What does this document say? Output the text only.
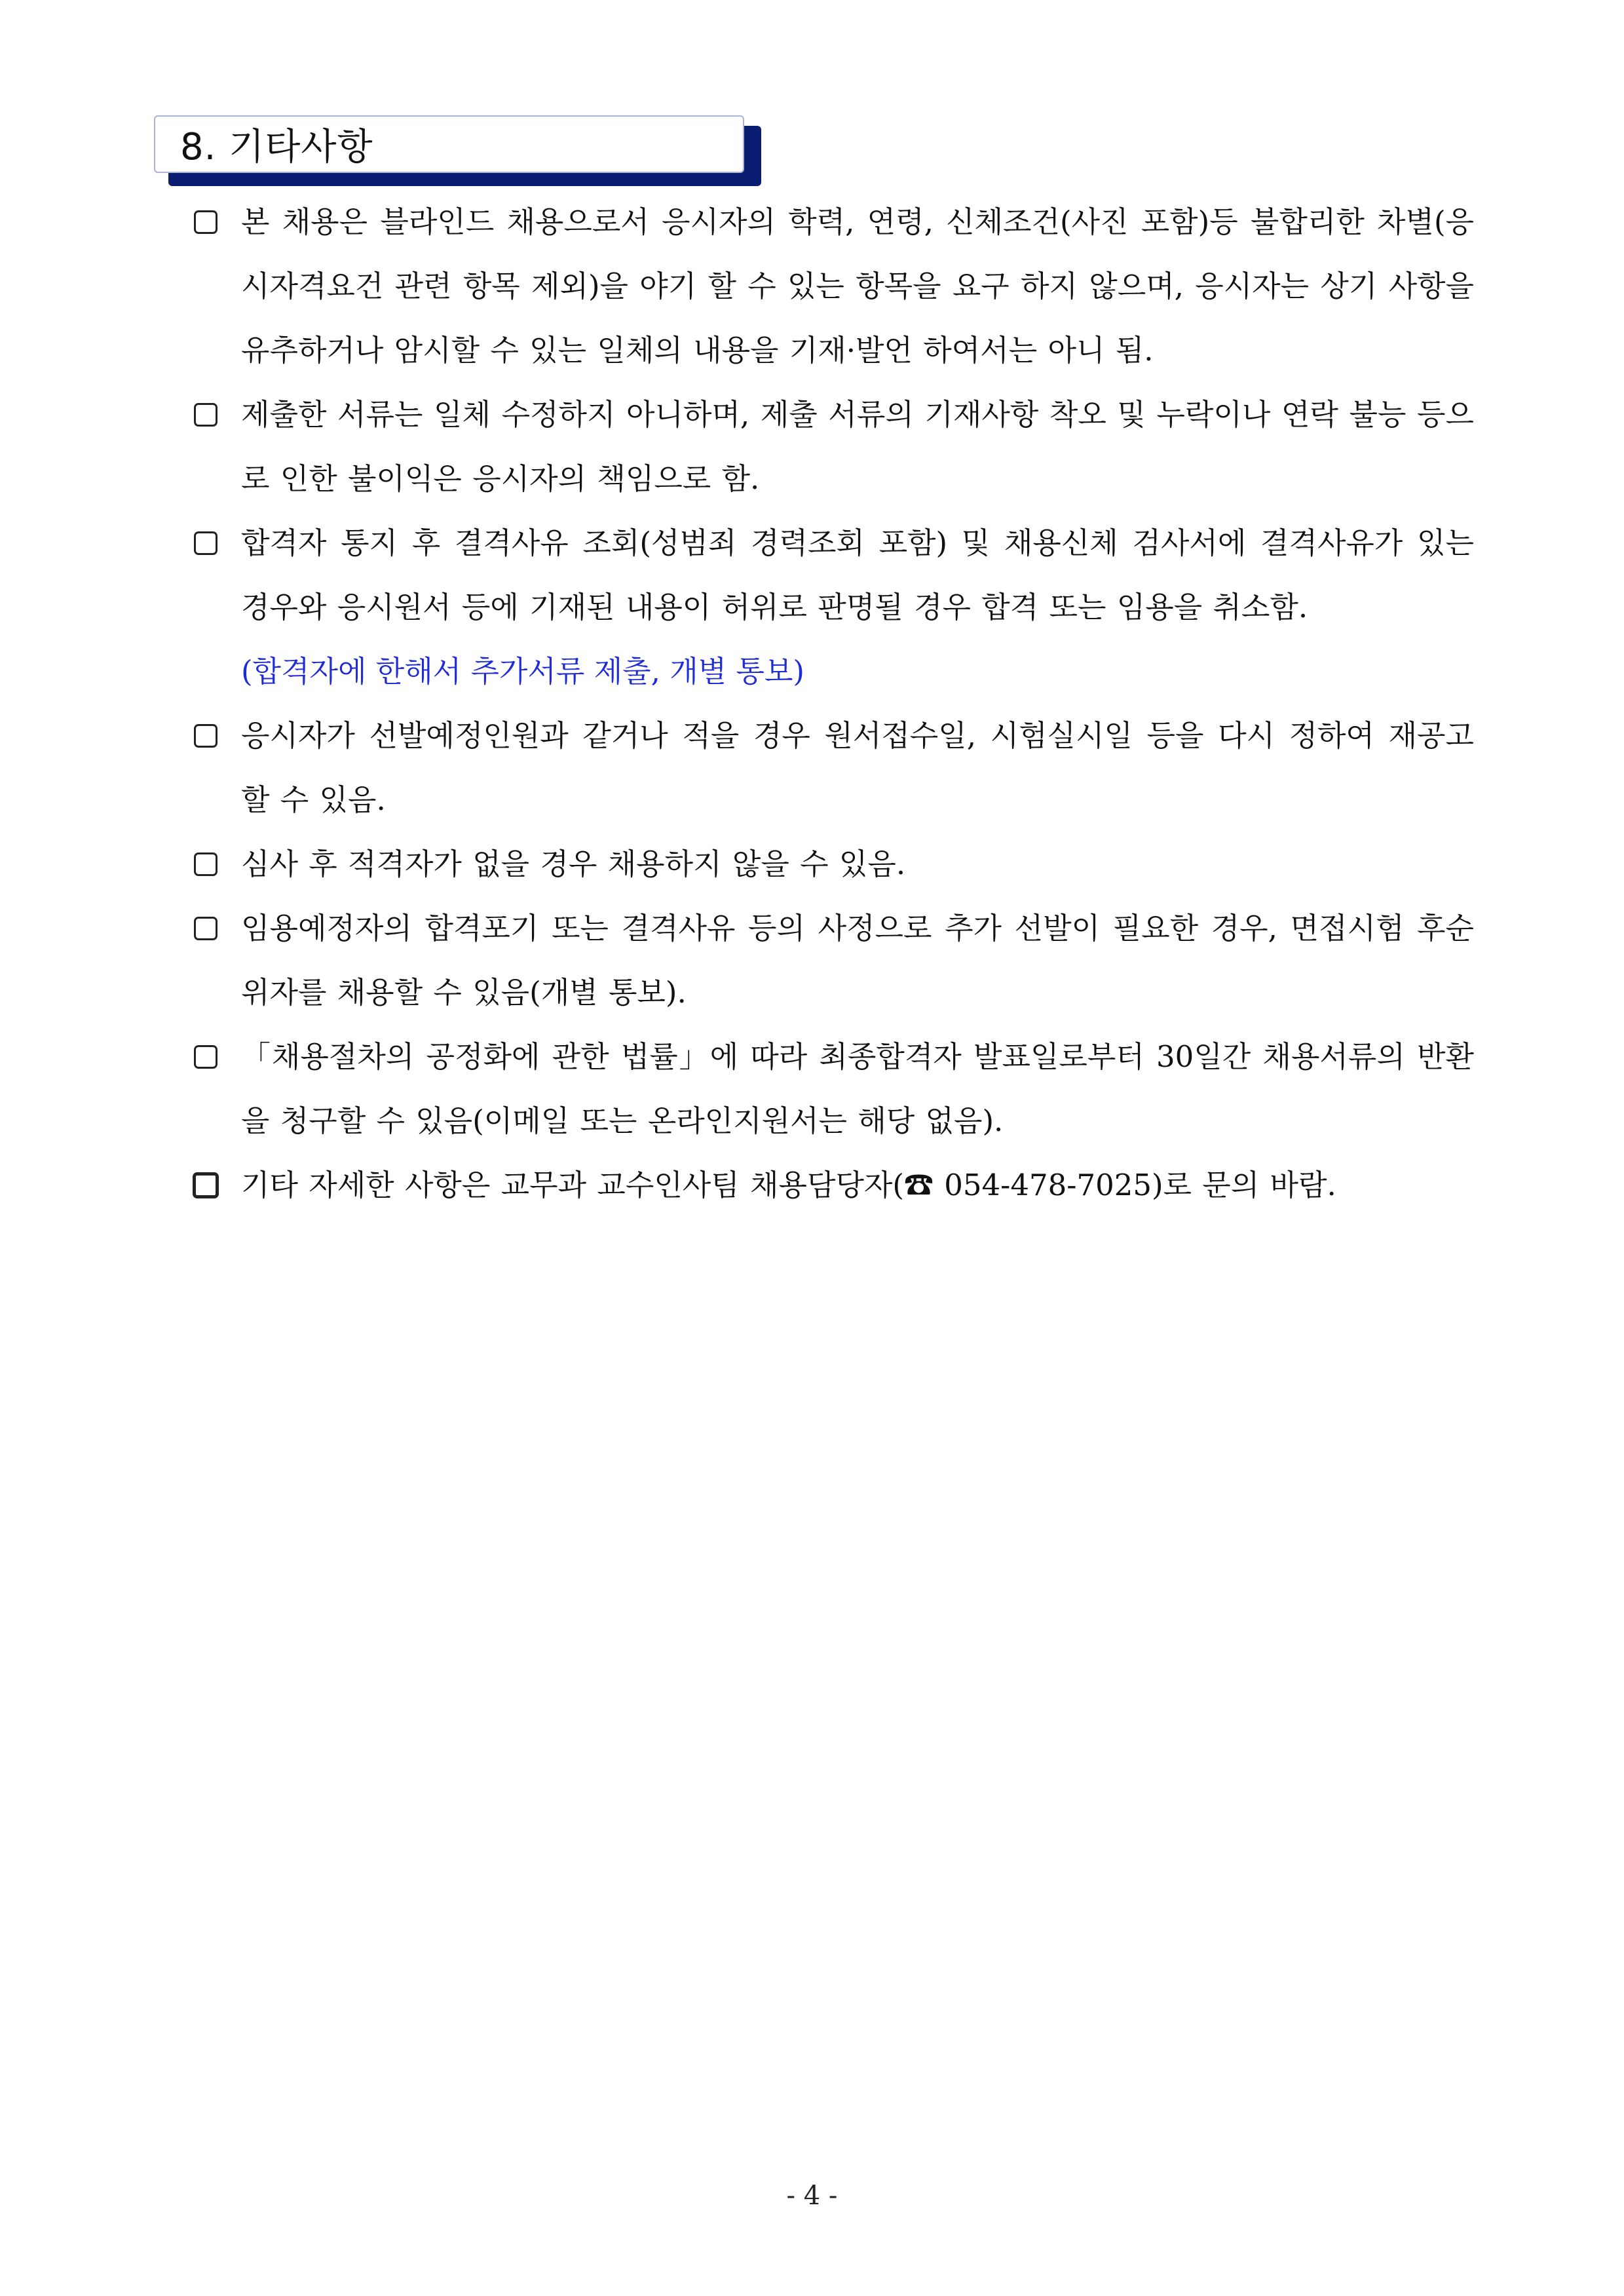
8. 기타사항
본 채용은 블라인드 채용으로서 응시자의 학력, 연령, 신체조건(사진 포함)등 불합리한 차별(응시자격요건 관련 항목 제외)을 야기 할 수 있는 항목을 요구 하지 않으며, 응시자는 상기 사항을 유추하거나 암시할 수 있는 일체의 내용을 기재·발언 하여서는 아니 됨.
제출한 서류는 일체 수정하지 아니하며, 제출 서류의 기재사항 착오 및 누락이나 연락 불능 등으로 인한 불이익은 응시자의 책임으로 함.
합격자 통지 후 결격사유 조회(성범죄 경력조회 포함) 및 채용신체 검사서에 결격사유가 있는 경우와 응시원서 등에 기재된 내용이 허위로 판명될 경우 합격 또는 임용을 취소함.
(합격자에 한해서 추가서류 제출, 개별 통보)
응시자가 선발예정인원과 같거나 적을 경우 원서접수일, 시험실시일 등을 다시 정하여 재공고 할 수 있음.
심사 후 적격자가 없을 경우 채용하지 않을 수 있음.
임용예정자의 합격포기 또는 결격사유 등의 사정으로 추가 선발이 필요한 경우, 면접시험 후순위자를 채용할 수 있음(개별 통보).
「채용절차의 공정화에 관한 법률」에 따라 최종합격자 발표일로부터 30일간 채용서류의 반환을 청구할 수 있음(이메일 또는 온라인지원서는 해당 없음).
기타 자세한 사항은 교무과 교수인사팀 채용담당자(☎ 054-478-7025)로 문의 바람.
- 4 -
